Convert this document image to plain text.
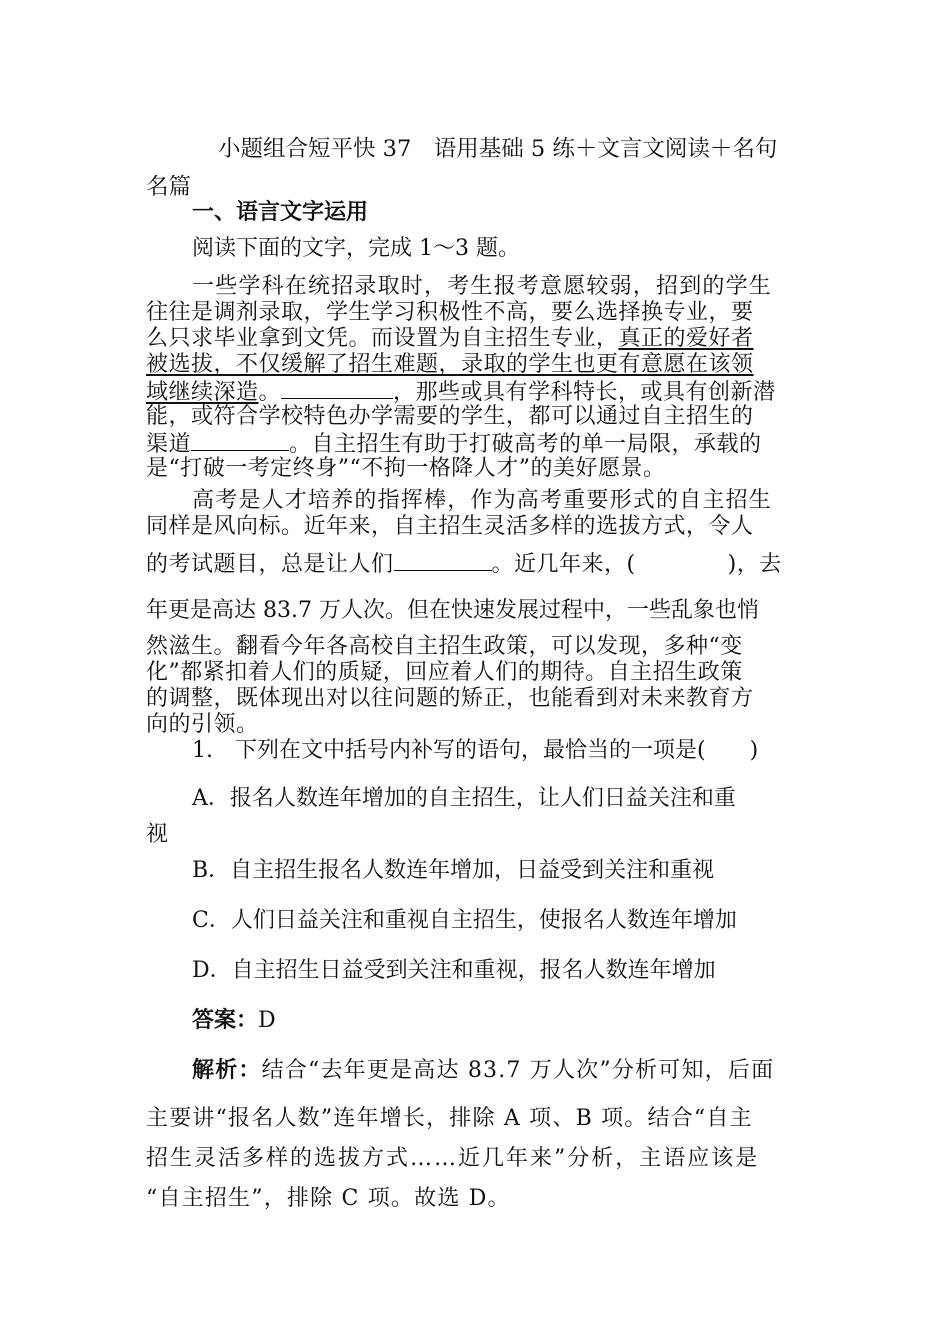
小题组合短平快 37　语用基础 5 练＋文言文阅读＋名句
名篇
一、语言文字运用
阅读下面的文字，完成 1～3 题。
一些学科在统招录取时，考生报考意愿较弱，招到的学生
往往是调剂录取，学生学习积极性不高，要么选择换专业，要
么只求毕业拿到文凭。而设置为自主招生专业，真正的爱好者
被选拔，不仅缓解了招生难题，录取的学生也更有意愿在该领
域继续深造。	，那些或具有学科特长，或具有创新潜
能，或符合学校特色办学需要的学生，都可以通过自主招生的
渠道	。自主招生有助于打破高考的单一局限，承载的
是“打破一考定终身”“不拘一格降人才”的美好愿景。
高考是人才培养的指挥棒，作为高考重要形式的自主招生
同样是风向标。近年来，自主招生灵活多样的选拔方式，令人
的考试题目，总是让人们	。近几年来，(	)，去
年更是高达 83.7 万人次。但在快速发展过程中，一些乱象也悄
然滋生。翻看今年各高校自主招生政策，可以发现，多种“变
化”都紧扣着人们的质疑，回应着人们的期待。自主招生政策
的调整，既体现出对以往问题的矫正，也能看到对未来教育方
向的引领。
1.　下列在文中括号内补写的语句，最恰当的一项是(　　)
A．报名人数连年增加的自主招生，让人们日益关注和重
视
B．自主招生报名人数连年增加，日益受到关注和重视
C．人们日益关注和重视自主招生，使报名人数连年增加
D．自主招生日益受到关注和重视，报名人数连年增加
答案：D
解析：结合“去年更是高达 83.7 万人次”分析可知，后面
主要讲“报名人数”连年增长，排除 A 项、B 项。结合“自主
招生灵活多样的选拔方式……近几年来”分析，主语应该是
“自主招生”，排除 C 项。故选 D。
